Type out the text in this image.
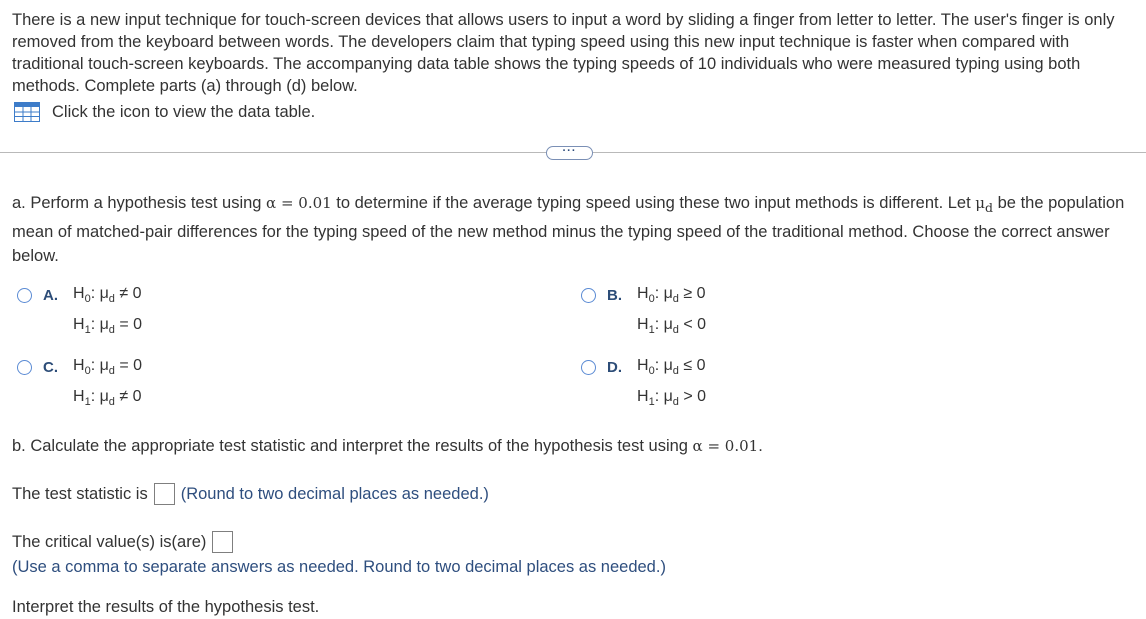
There is a new input technique for touch-screen devices that allows users to input a word by sliding a finger from letter to letter. The user's finger is only removed from the keyboard between words. The developers claim that typing speed using this new input technique is faster when compared with traditional touch-screen keyboards. The accompanying data table shows the typing speeds of 10 individuals who were measured typing using both methods. Complete parts (a) through (d) below.

Click the icon to view the data table.
···

a. Perform a hypothesis test using α = 0.01 to determine if the average typing speed using these two input methods is different. Let $\mu_d$ be the population mean of matched-pair differences for the typing speed of the new method minus the typing speed of the traditional method. Choose the correct answer below.

A. $H_0$: $\mu_d \ne 0$
$H_1$: $\mu_d = 0$
B. $H_0$: $\mu_d \ge 0$
$H_1$: $\mu_d < 0$
C. $H_0$: $\mu_d = 0$
$H_1$: $\mu_d \ne 0$
D. $H_0$: $\mu_d \le 0$
$H_1$: $\mu_d > 0$

b. Calculate the appropriate test statistic and interpret the results of the hypothesis test using α = 0.01.

The test statistic is (Round to two decimal places as needed.)
The critical value(s) is(are)
(Use a comma to separate answers as needed. Round to two decimal places as needed.)
Interpret the results of the hypothesis test.
